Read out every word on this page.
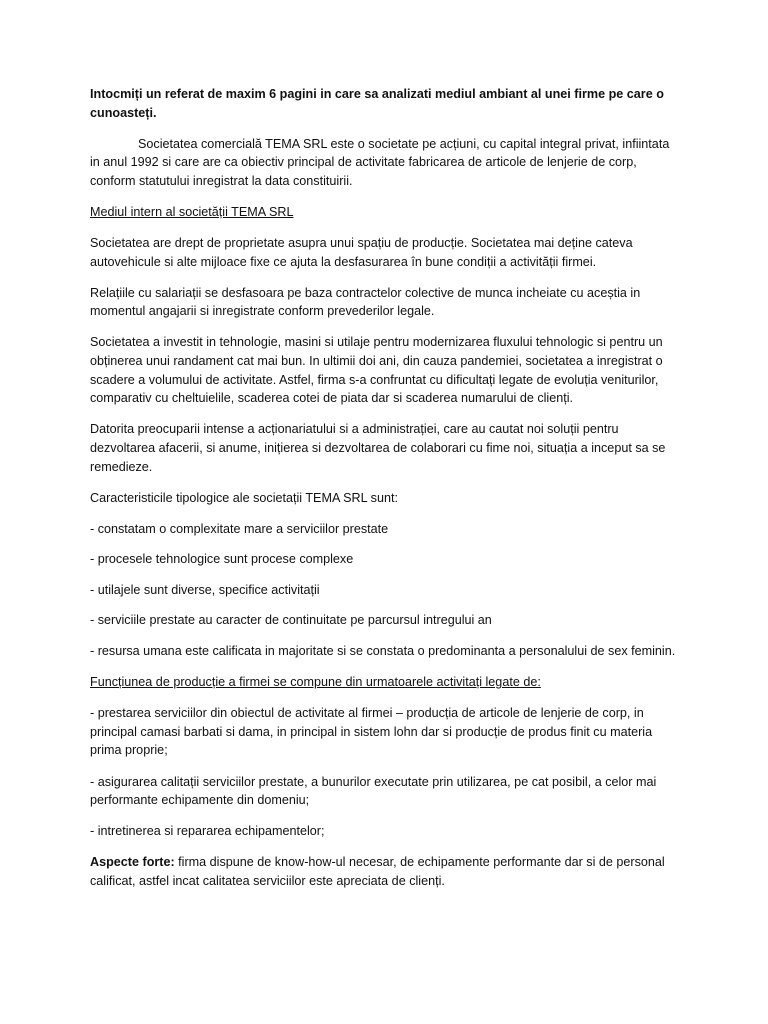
Intocmiți un referat de maxim 6 pagini in care sa analizati mediul ambiant al unei firme pe care o cunoasteți.

Societatea comercială TEMA SRL este o societate pe acțiuni, cu capital integral privat, infiintata in anul 1992 si care are ca obiectiv principal de activitate fabricarea de articole de lenjerie de corp, conform statutului inregistrat la data constituirii.

Mediul intern al societății TEMA SRL

Societatea are drept de proprietate asupra unui spațiu de producție. Societatea mai deține cateva autovehicule si alte mijloace fixe ce ajuta la desfasurarea în bune condiții a activității firmei.

Relațiile cu salariații se desfasoara pe baza contractelor colective de munca incheiate cu aceștia in momentul angajarii si inregistrate conform prevederilor legale.

Societatea a investit in tehnologie, masini si utilaje pentru modernizarea fluxului tehnologic si pentru un obținerea unui randament cat mai bun. In ultimii doi ani, din cauza pandemiei, societatea a inregistrat o scadere a volumului de activitate. Astfel, firma s-a confruntat cu dificultați legate de evoluția veniturilor, comparativ cu cheltuielile, scaderea cotei de piata dar si scaderea numarului de clienți.

Datorita preocuparii intense a acționariatului si a administrației, care au cautat noi soluții pentru dezvoltarea afacerii, si anume, inițierea si dezvoltarea de colaborari cu fime noi, situația a inceput sa se remedieze.

Caracteristicile tipologice ale societații TEMA SRL sunt:

- constatam o complexitate mare a serviciilor prestate

- procesele tehnologice sunt procese complexe

- utilajele sunt diverse, specifice activitații

- serviciile prestate au caracter de continuitate pe parcursul intregului an

- resursa umana este calificata in majoritate si se constata o predominanta a personalului de sex feminin.

Funcțiunea de producție a firmei se compune din urmatoarele activitați legate de:

- prestarea serviciilor din obiectul de activitate al firmei – producția de articole de lenjerie de corp, in principal camasi barbati si dama, in principal in sistem lohn dar si producție de produs finit cu materia prima proprie;

- asigurarea calitații serviciilor prestate, a bunurilor executate prin utilizarea, pe cat posibil, a celor mai performante echipamente din domeniu;

- intretinerea si repararea echipamentelor;

Aspecte forte: firma dispune de know-how-ul necesar, de echipamente performante dar si de personal calificat, astfel incat calitatea serviciilor este apreciata de clienți.
